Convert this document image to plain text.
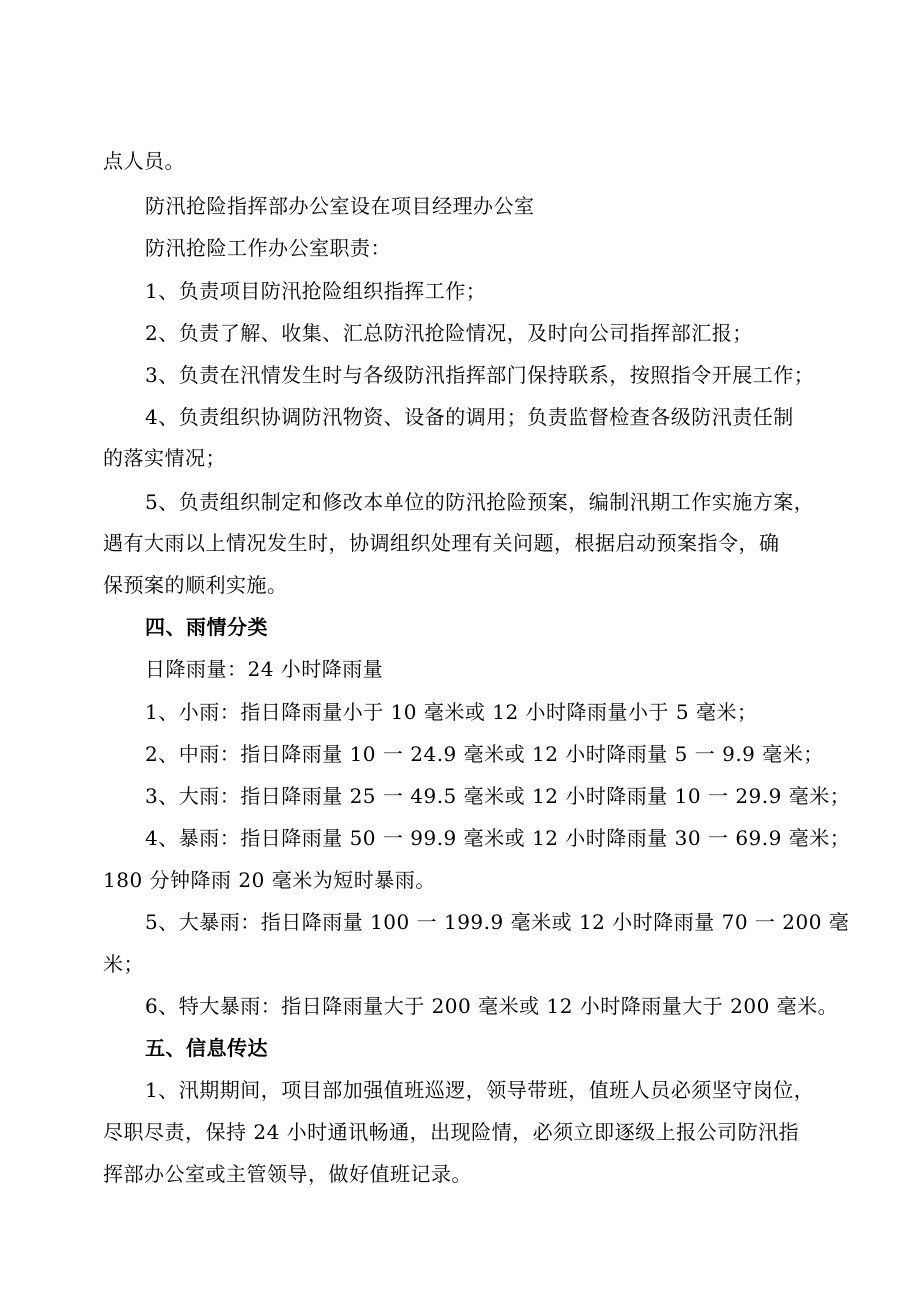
点人员。
防汛抢险指挥部办公室设在项目经理办公室
防汛抢险工作办公室职责：
1、负责项目防汛抢险组织指挥工作；
2、负责了解、收集、汇总防汛抢险情况，及时向公司指挥部汇报；
3、负责在汛情发生时与各级防汛指挥部门保持联系，按照指令开展工作；
4、负责组织协调防汛物资、设备的调用；负责监督检查各级防汛责任制
的落实情况；
5、负责组织制定和修改本单位的防汛抢险预案，编制汛期工作实施方案，
遇有大雨以上情况发生时，协调组织处理有关问题，根据启动预案指令，确
保预案的顺利实施。
四、雨情分类
日降雨量：24 小时降雨量
1、小雨：指日降雨量小于 10 毫米或 12 小时降雨量小于 5 毫米；
2、中雨：指日降雨量 10 一 24.9 毫米或 12 小时降雨量 5 一 9.9 毫米；
3、大雨：指日降雨量 25 一 49.5 毫米或 12 小时降雨量 10 一 29.9 毫米；
4、暴雨：指日降雨量 50 一 99.9 毫米或 12 小时降雨量 30 一 69.9 毫米；
180 分钟降雨 20 毫米为短时暴雨。
5、大暴雨：指日降雨量 100 一 199.9 毫米或 12 小时降雨量 70 一 200 毫
米；
6、特大暴雨：指日降雨量大于 200 毫米或 12 小时降雨量大于 200 毫米。
五、信息传达
1、汛期期间，项目部加强值班巡逻，领导带班，值班人员必须坚守岗位，
尽职尽责，保持 24 小时通讯畅通，出现险情，必须立即逐级上报公司防汛指
挥部办公室或主管领导，做好值班记录。
